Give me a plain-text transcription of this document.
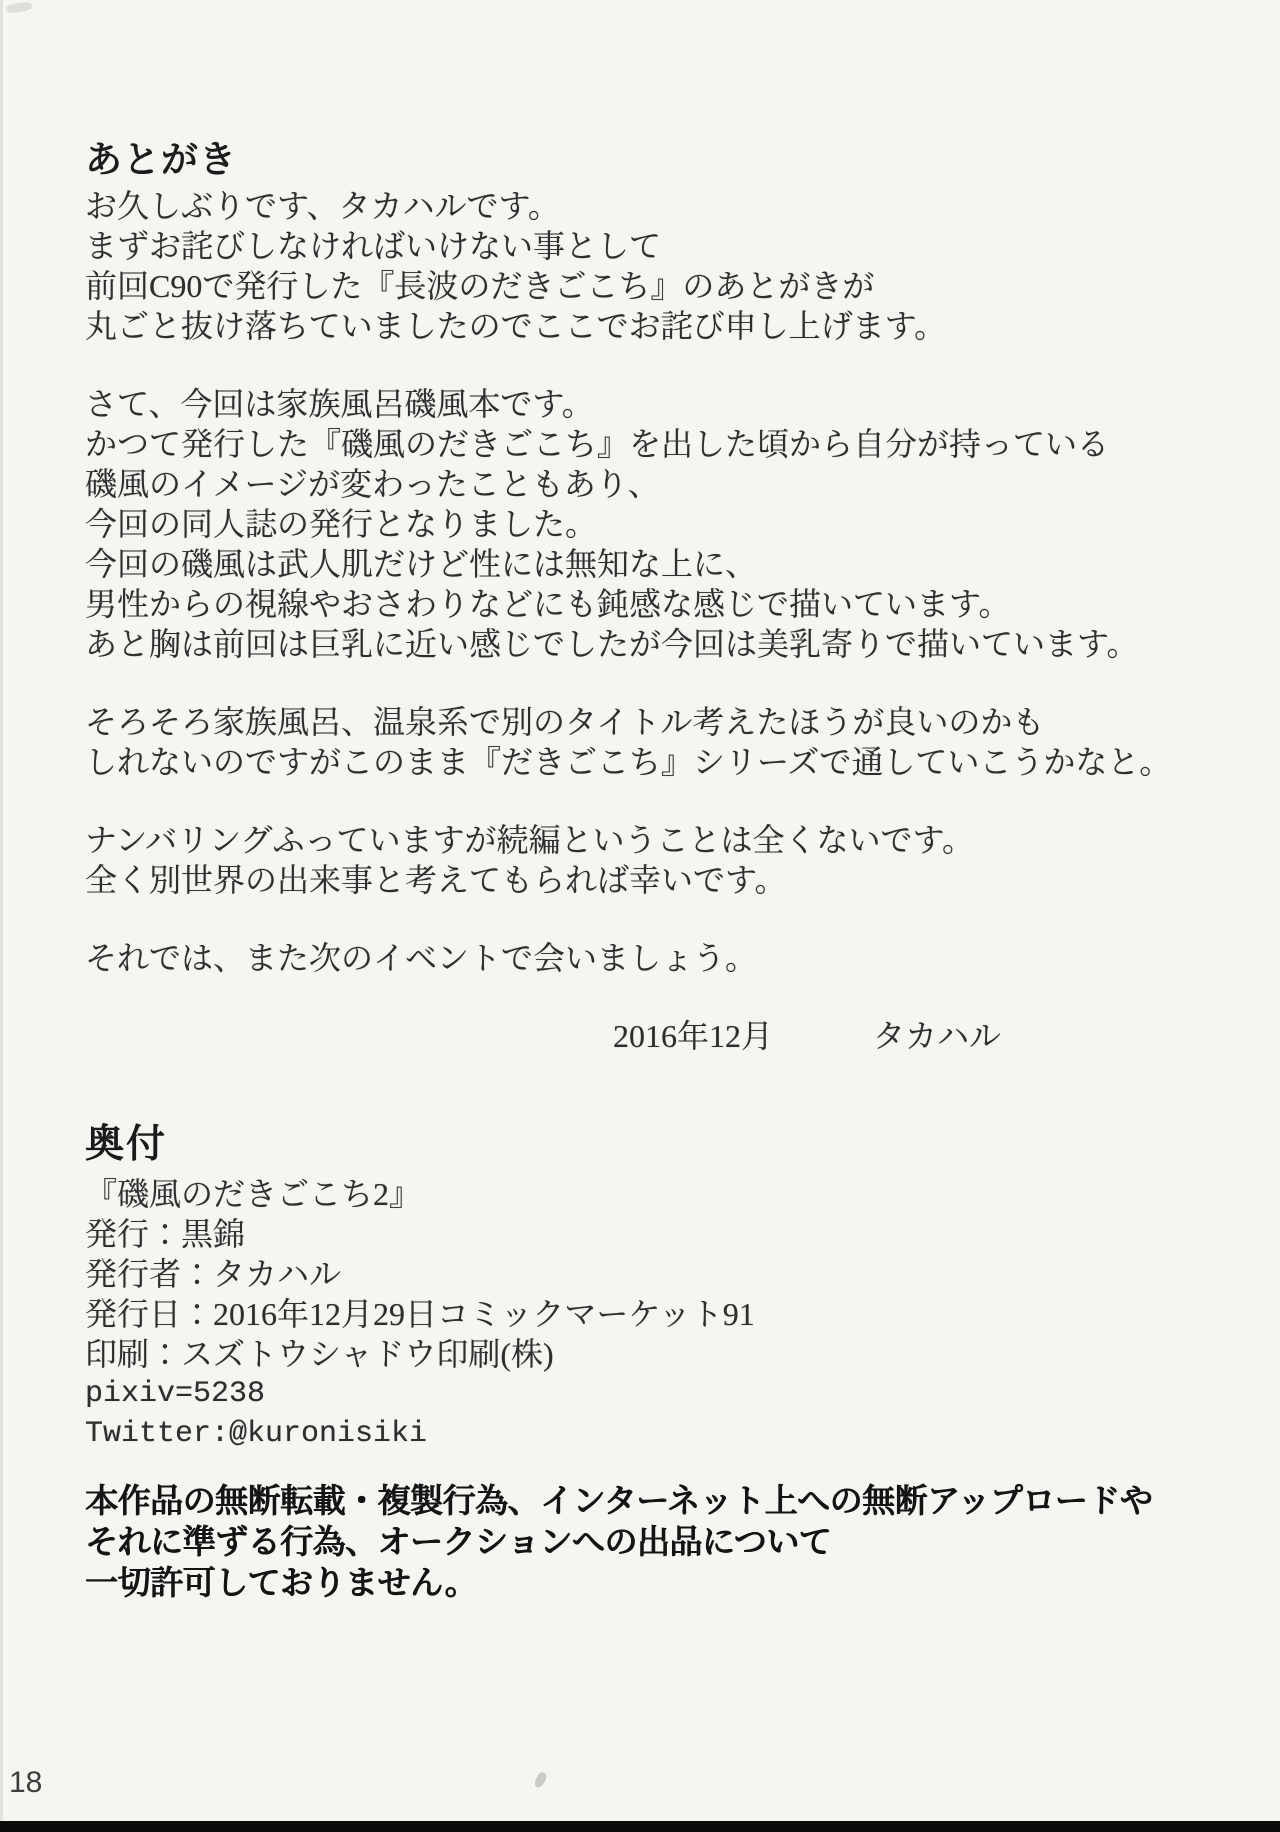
あとがき
お久しぶりです、タカハルです。
まずお詫びしなければいけない事として
前回C90で発行した『長波のだきごこち』のあとがきが
丸ごと抜け落ちていましたのでここでお詫び申し上げます。
さて、今回は家族風呂磯風本です。
かつて発行した『磯風のだきごこち』を出した頃から自分が持っている
磯風のイメージが変わったこともあり、
今回の同人誌の発行となりました。
今回の磯風は武人肌だけど性には無知な上に、
男性からの視線やおさわりなどにも鈍感な感じで描いています。
あと胸は前回は巨乳に近い感じでしたが今回は美乳寄りで描いています。
そろそろ家族風呂、温泉系で別のタイトル考えたほうが良いのかも
しれないのですがこのまま『だきごこち』シリーズで通していこうかなと。
ナンバリングふっていますが続編ということは全くないです。
全く別世界の出来事と考えてもられば幸いです。
それでは、また次のイベントで会いましょう。
2016年12月	タカハル
奥付
『磯風のだきごこち2』
発行：黒錦
発行者：タカハル
発行日：2016年12月29日コミックマーケット91
印刷：スズトウシャドウ印刷(株)
pixiv=5238
Twitter:@kuronisiki
本作品の無断転載・複製行為、インターネット上への無断アップロードや
それに準ずる行為、オークションへの出品について
一切許可しておりません。
18
